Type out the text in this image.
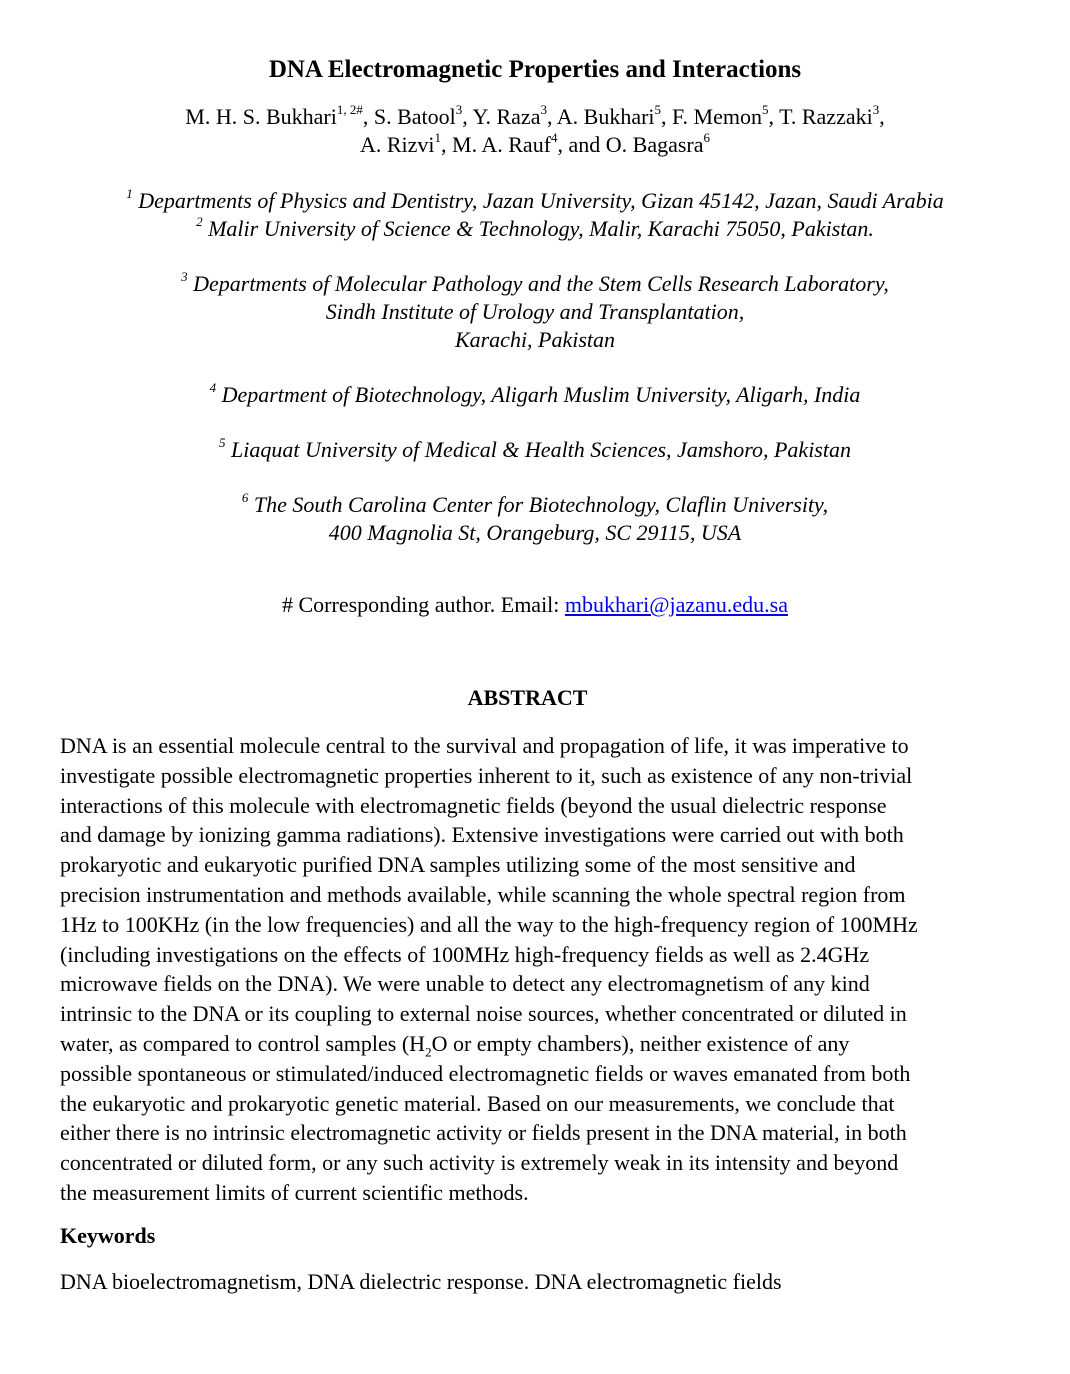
DNA Electromagnetic Properties and Interactions
M. H. S. Bukhari$^{1, 2\#}$, S. Batool$^3$, Y. Raza$^3$, A. Bukhari$^5$, F. Memon$^5$, T. Razzaki$^3$,
A. Rizvi$^1$, M. A. Rauf$^4$, and O. Bagasra$^6$
$^1$ Departments of Physics and Dentistry, Jazan University, Gizan 45142, Jazan, Saudi Arabia
$^2$ Malir University of Science & Technology, Malir, Karachi 75050, Pakistan.
$^3$ Departments of Molecular Pathology and the Stem Cells Research Laboratory,
Sindh Institute of Urology and Transplantation,
Karachi, Pakistan
$^4$ Department of Biotechnology, Aligarh Muslim University, Aligarh, India
$^5$ Liaquat University of Medical & Health Sciences, Jamshoro, Pakistan
$^6$ The South Carolina Center for Biotechnology, Claflin University,
400 Magnolia St, Orangeburg, SC 29115, USA
# Corresponding author. Email: mbukhari@jazanu.edu.sa
ABSTRACT
DNA is an essential molecule central to the survival and propagation of life, it was imperative to
investigate possible electromagnetic properties inherent to it, such as existence of any non-trivial
interactions of this molecule with electromagnetic fields (beyond the usual dielectric response
and damage by ionizing gamma radiations). Extensive investigations were carried out with both
prokaryotic and eukaryotic purified DNA samples utilizing some of the most sensitive and
precision instrumentation and methods available, while scanning the whole spectral region from
1Hz to 100KHz (in the low frequencies) and all the way to the high-frequency region of 100MHz
(including investigations on the effects of 100MHz high-frequency fields as well as 2.4GHz
microwave fields on the DNA). We were unable to detect any electromagnetism of any kind
intrinsic to the DNA or its coupling to external noise sources, whether concentrated or diluted in
water, as compared to control samples ($H_2O$ or empty chambers), neither existence of any
possible spontaneous or stimulated/induced electromagnetic fields or waves emanated from both
the eukaryotic and prokaryotic genetic material. Based on our measurements, we conclude that
either there is no intrinsic electromagnetic activity or fields present in the DNA material, in both
concentrated or diluted form, or any such activity is extremely weak in its intensity and beyond
the measurement limits of current scientific methods.
Keywords
DNA bioelectromagnetism, DNA dielectric response. DNA electromagnetic fields
